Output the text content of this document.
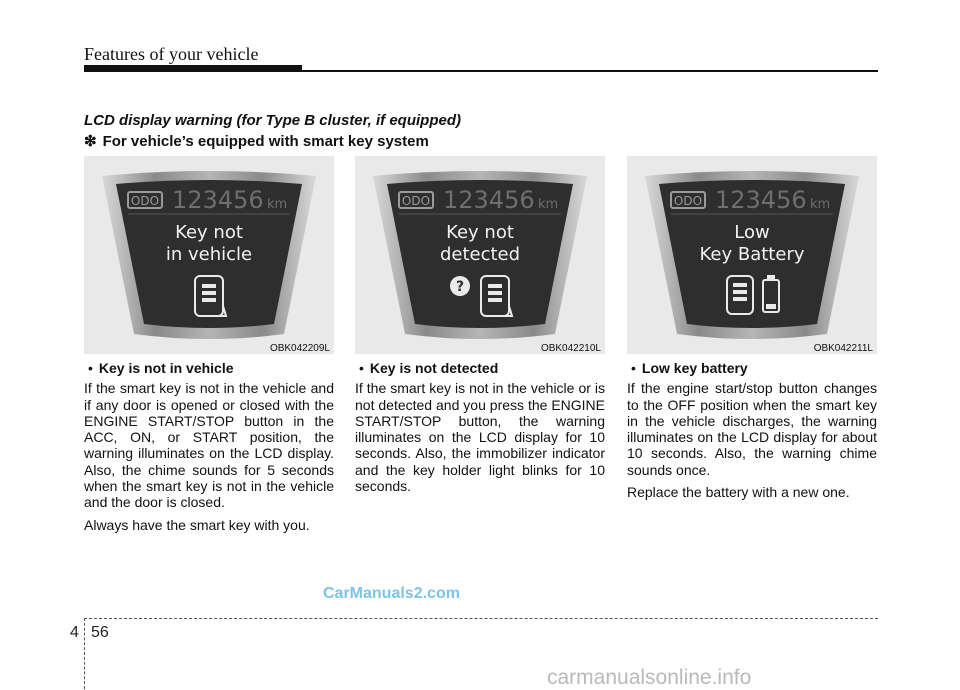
Features of your vehicle
LCD display warning (for Type B cluster, if equipped)
❇ For vehicle’s equipped with smart key system
ODO 123456 km
Key not
in vehicle
OBK042209L
ODO 123456 km
Key not
detected
?
OBK042210L
ODO 123456 km
Low
Key Battery
OBK042211L
• Key is not in vehicle

If the smart key is not in the vehicle and if any door is opened or closed with the ENGINE START/STOP button in the ACC, ON, or START position, the warning illuminates on the LCD display. Also, the chime sounds for 5 seconds when the smart key is not in the vehicle and the door is closed.

Always have the smart key with you.

• Key is not detected

If the smart key is not in the vehicle or is not detected and you press the ENGINE START/STOP button, the warning illuminates on the LCD display for 10 seconds. Also, the immobilizer indicator and the key holder light blinks for 10 seconds.

• Low key battery

If the engine start/stop button changes to the OFF position when the smart key in the vehicle discharges, the warning illuminates on the LCD display for about 10 seconds. Also, the warning chime sounds once.

Replace the battery with a new one.

CarManuals2.com
4 56
carmanualsonline.info
